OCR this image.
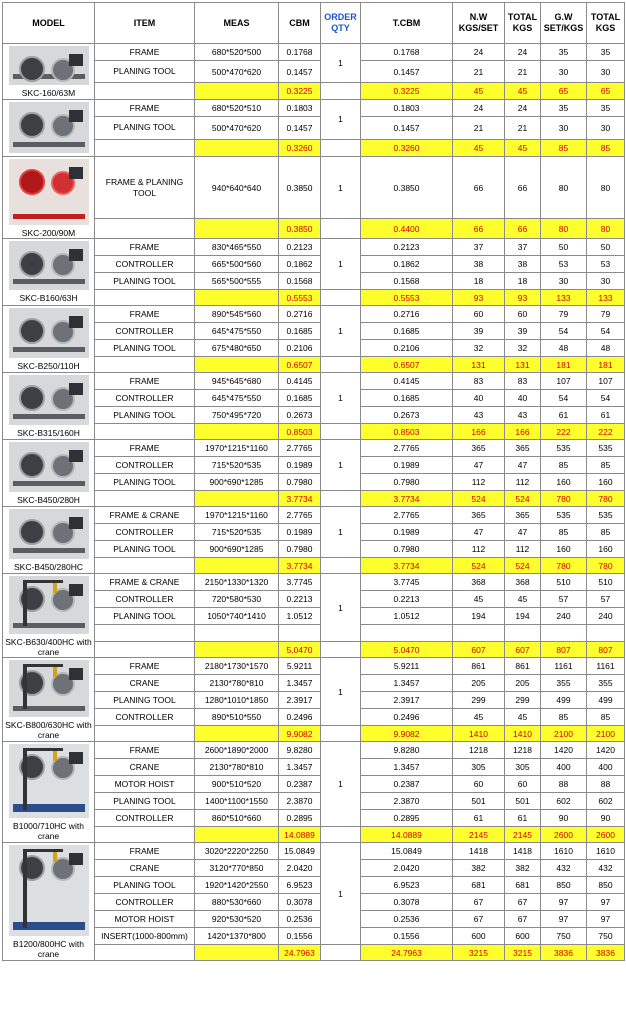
MODEL	ITEM	MEAS	CBM	ORDER QTY	T.CBM	N.W KGS/SET	TOTAL KGS	G.W SET/KGS	TOTAL KGS

SKC-160/63M	FRAME	680*520*500	0.1768	1	0.1768	24	24	35	35
	PLANING TOOL	500*470*620	0.1457		0.1457	21	21	30	30
			0.3225		0.3225	45	45	65	65

	FRAME	680*520*510	0.1803	1	0.1803	24	24	35	35
	PLANING TOOL	500*470*620	0.1457		0.1457	21	21	30	30
			0.3260		0.3260	45	45	85	85

SKC-200/90M	FRAME & PLANING TOOL	940*640*640	0.3850	1	0.3850	66	66	80	80
			0.3850		0.4400	66	66	80	80

SKC-B160/63H	FRAME	830*465*550	0.2123	1	0.2123	37	37	50	50
	CONTROLLER	665*500*560	0.1862		0.1862	38	38	53	53
	PLANING TOOL	565*500*555	0.1568		0.1568	18	18	30	30
			0.5553		0.5553	93	93	133	133

SKC-B250/110H	FRAME	890*545*560	0.2716	1	0.2716	60	60	79	79
	CONTROLLER	645*475*550	0.1685		0.1685	39	39	54	54
	PLANING TOOL	675*480*650	0.2106		0.2106	32	32	48	48
			0.6507		0.6507	131	131	181	181

SKC-B315/160H	FRAME	945*645*680	0.4145	1	0.4145	83	83	107	107
	CONTROLLER	645*475*550	0.1685		0.1685	40	40	54	54
	PLANING TOOL	750*495*720	0.2673		0.2673	43	43	61	61
			0.8503		0.8503	166	166	222	222

SKC-B450/280H	FRAME	1970*1215*1160	2.7765	1	2.7765	365	365	535	535
	CONTROLLER	715*520*535	0.1989		0.1989	47	47	85	85
	PLANING TOOL	900*690*1285	0.7980		0.7980	112	112	160	160
			3.7734		3.7734	524	524	780	780

SKC-B450/280HC	FRAME & CRANE	1970*1215*1160	2.7765	1	2.7765	365	365	535	535
	CONTROLLER	715*520*535	0.1989		0.1989	47	47	85	85
	PLANING TOOL	900*690*1285	0.7980		0.7980	112	112	160	160
			3.7734		3.7734	524	524	780	780

SKC-B630/400HC with crane	FRAME & CRANE	2150*1330*1320	3.7745	1	3.7745	368	368	510	510
	CONTROLLER	720*580*530	0.2213		0.2213	45	45	57	57
	PLANING TOOL	1050*740*1410	1.0512		1.0512	194	194	240	240

			5.0470		5.0470	607	607	807	807

SKC-B800/630HC with crane	FRAME	2180*1730*1570	5.9211	1	5.9211	861	861	1161	1161
	CRANE	2130*780*810	1.3457		1.3457	205	205	355	355
	PLANING TOOL	1280*1010*1850	2.3917		2.3917	299	299	499	499
	CONTROLLER	890*510*550	0.2496		0.2496	45	45	85	85
			9.9082		9.9082	1410	1410	2100	2100

B1000/710HC with crane	FRAME	2600*1890*2000	9.8280	1	9.8280	1218	1218	1420	1420
	CRANE	2130*780*810	1.3457		1.3457	305	305	400	400
	MOTOR HOIST	900*510*520	0.2387		0.2387	60	60	88	88
	PLANING TOOL	1400*1100*1550	2.3870		2.3870	501	501	602	602
	CONTROLLER	860*510*660	0.2895		0.2895	61	61	90	90
			14.0889		14.0889	2145	2145	2600	2600

B1200/800HC with crane	FRAME	3020*2220*2250	15.0849	1	15.0849	1418	1418	1610	1610
	CRANE	3120*770*850	2.0420		2.0420	382	382	432	432
	PLANING TOOL	1920*1420*2550	6.9523		6.9523	681	681	850	850
	CONTROLLER	880*530*660	0.3078		0.3078	67	67	97	97
	MOTOR HOIST	920*530*520	0.2536		0.2536	67	67	97	97
	INSERT(1000-800mm)	1420*1370*800	0.1556		0.1556	600	600	750	750
			24.7963		24.7963	3215	3215	3836	3836
